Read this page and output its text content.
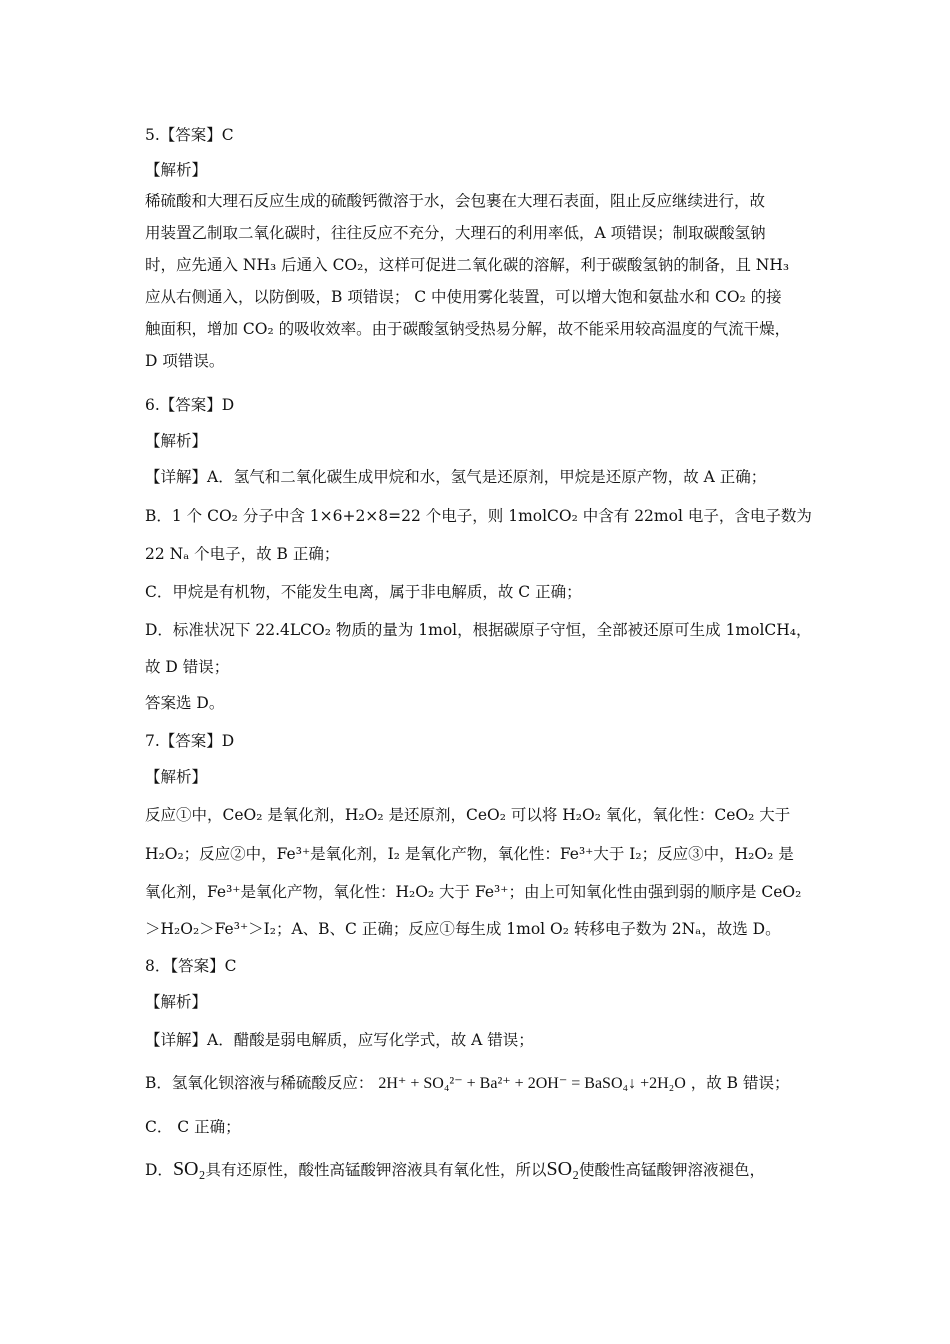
5.【答案】C
【解析】
稀硫酸和大理石反应生成的硫酸钙微溶于水，会包裹在大理石表面，阻止反应继续进行，故
用装置乙制取二氧化碳时，往往反应不充分，大理石的利用率低，A 项错误；制取碳酸氢钠
时，应先通入 NH₃ 后通入 CO₂，这样可促进二氧化碳的溶解，利于碳酸氢钠的制备，且 NH₃
应从右侧通入，以防倒吸，B 项错误； C 中使用雾化装置，可以增大饱和氨盐水和 CO₂ 的接
触面积，增加 CO₂ 的吸收效率。由于碳酸氢钠受热易分解，故不能采用较高温度的气流干燥，
D 项错误。
6.【答案】D
【解析】
【详解】A．氢气和二氧化碳生成甲烷和水，氢气是还原剂，甲烷是还原产物，故 A 正确；
B．1 个 CO₂ 分子中含 1×6+2×8=22 个电子，则 1molCO₂ 中含有 22mol 电子，含电子数为
22 Nₐ 个电子，故 B 正确；
C．甲烷是有机物，不能发生电离，属于非电解质，故 C 正确；
D．标准状况下 22.4LCO₂ 物质的量为 1mol，根据碳原子守恒，全部被还原可生成 1molCH₄，
故 D 错误；
答案选 D。
7.【答案】D
【解析】
反应①中，CeO₂ 是氧化剂，H₂O₂ 是还原剂，CeO₂ 可以将 H₂O₂ 氧化，氧化性：CeO₂ 大于
H₂O₂；反应②中，Fe³⁺是氧化剂，I₂ 是氧化产物，氧化性：Fe³⁺大于 I₂；反应③中，H₂O₂ 是
氧化剂，Fe³⁺是氧化产物，氧化性：H₂O₂ 大于 Fe³⁺；由上可知氧化性由强到弱的顺序是 CeO₂
＞H₂O₂＞Fe³⁺＞I₂；A、B、C 正确；反应①每生成 1mol O₂ 转移电子数为 2Nₐ，故选 D。
8．【答案】C
【解析】
【详解】A．醋酸是弱电解质，应写化学式，故 A 错误；
B．氢氧化钡溶液与稀硫酸反应： 2H⁺ + SO₄²⁻ + Ba²⁺ + 2OH⁻ = BaSO₄↓ +2H₂O ，故 B 错误；
C． C 正确；
D．SO₂具有还原性，酸性高锰酸钾溶液具有氧化性，所以SO₂使酸性高锰酸钾溶液褪色，
